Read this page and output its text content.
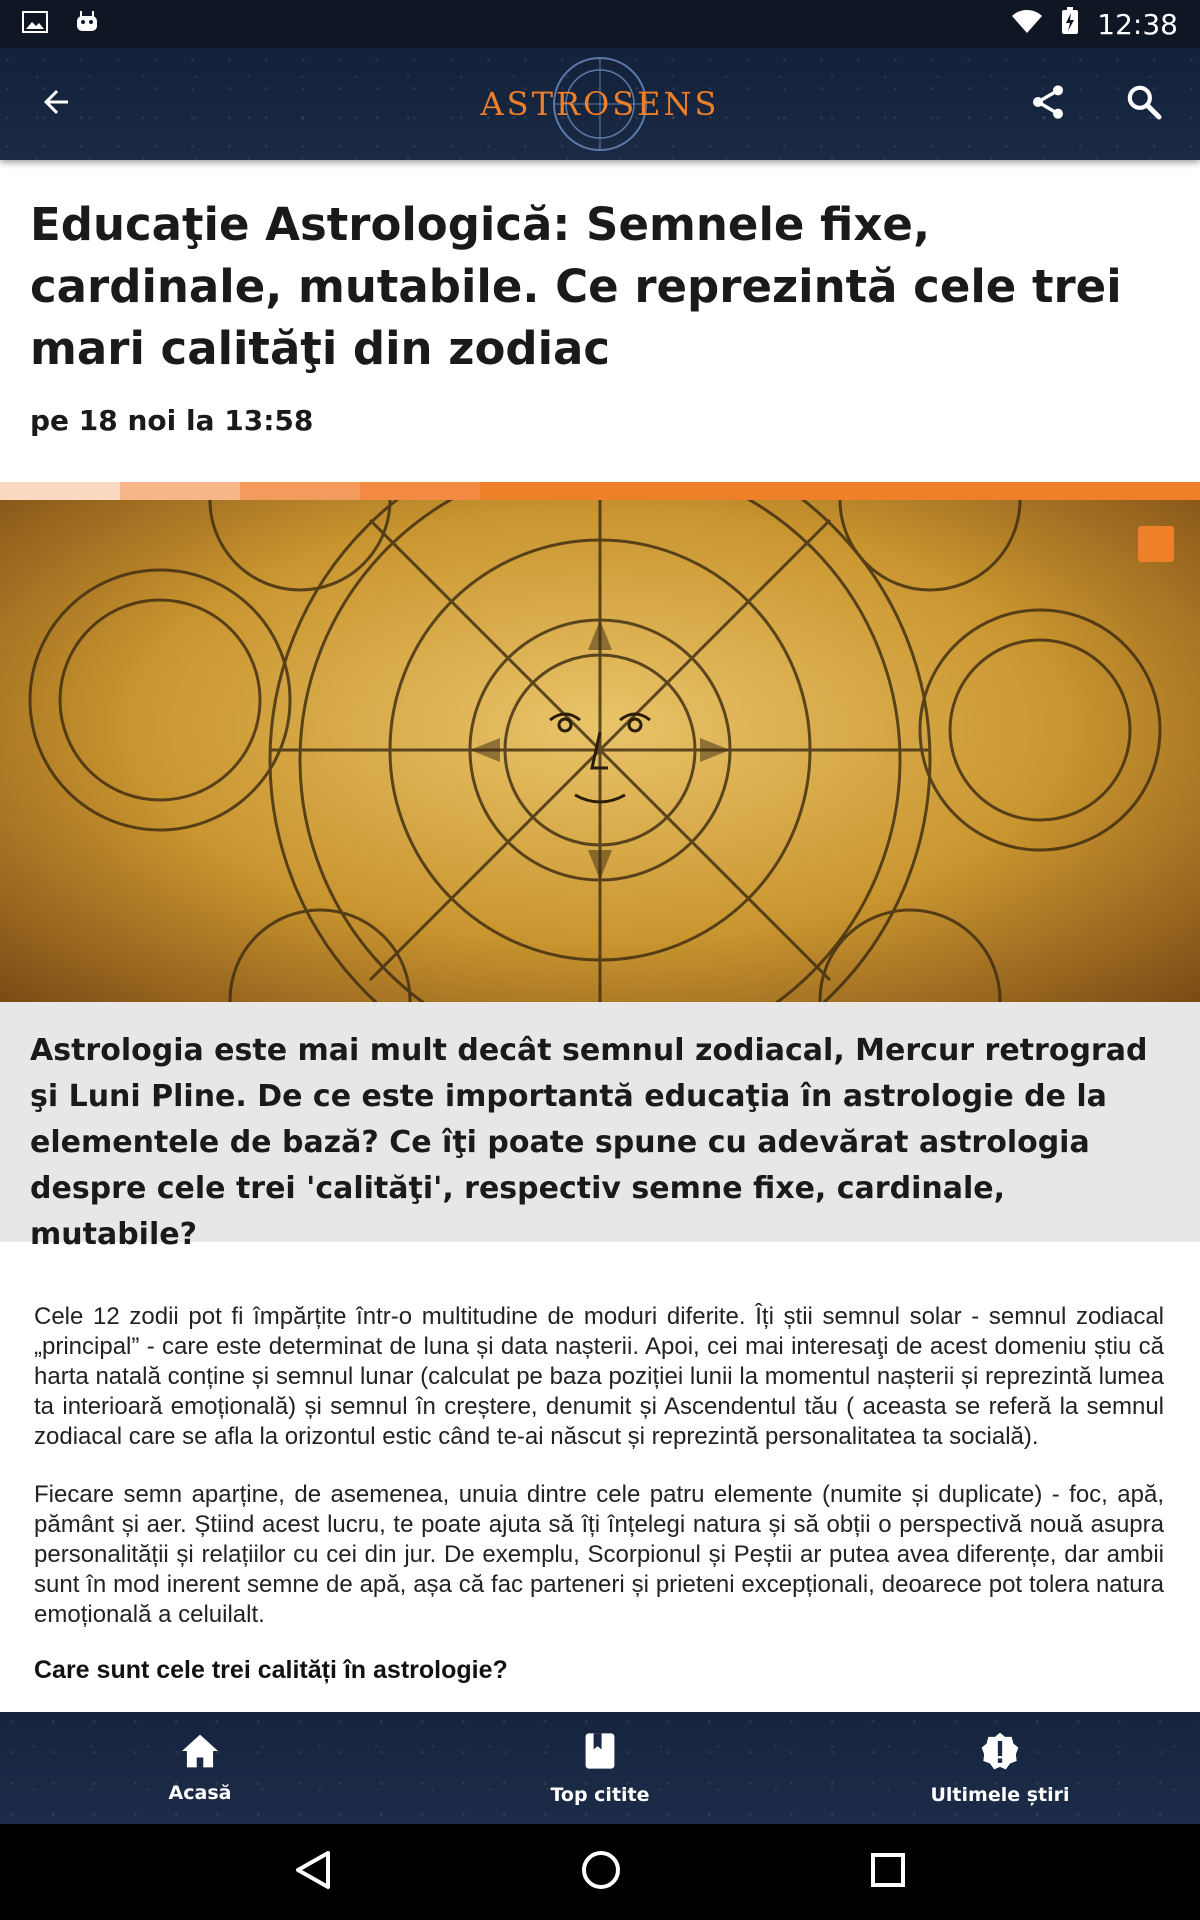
12:38
ASTROSENS
Educaţie Astrologică: Semnele fixe, cardinale, mutabile. Ce reprezintă cele trei mari calităţi din zodiac
pe 18 noi la 13:58

Astrologia este mai mult decât semnul zodiacal, Mercur retrograd şi Luni Pline. De ce este importantă educaţia în astrologie de la elementele de bază? Ce îţi poate spune cu adevărat astrologia despre cele trei 'calităţi', respectiv semne fixe, cardinale, mutabile?

Cele 12 zodii pot fi împărțite într-o multitudine de moduri diferite. Îți știi semnul solar - semnul zodiacal „principal” - care este determinat de luna și data nașterii. Apoi, cei mai interesaţi de acest domeniu știu că harta natală conține și semnul lunar (calculat pe baza poziției lunii la momentul nașterii și reprezintă lumea ta interioară emoțională) și semnul în creștere, denumit și Ascendentul tău ( aceasta se referă la semnul zodiacal care se afla la orizontul estic când te-ai născut și reprezintă personalitatea ta socială).

Fiecare semn aparține, de asemenea, unuia dintre cele patru elemente (numite și duplicate) - foc, apă, pământ și aer. Știind acest lucru, te poate ajuta să îți înțelegi natura și să obții o perspectivă nouă asupra personalității și relațiilor cu cei din jur. De exemplu, Scorpionul și Peștii ar putea avea diferențe, dar ambii sunt în mod inerent semne de apă, așa că fac parteneri și prieteni excepționali, deoarece pot tolera natura emoțională a celuilalt.

Care sunt cele trei calități în astrologie?
Acasă	Top citite	Ultimele știri
